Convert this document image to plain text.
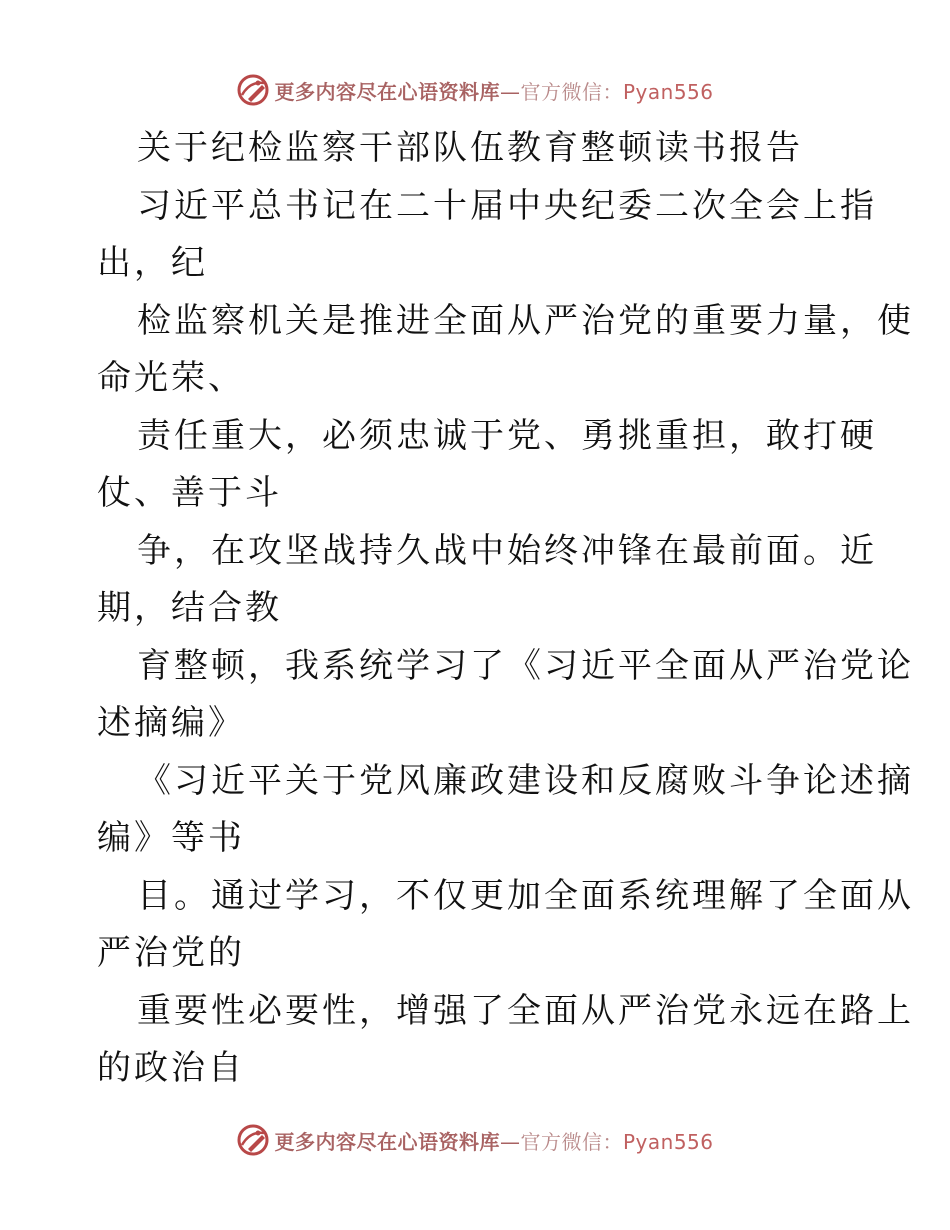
更多内容尽在心语资料库—官方微信：Pyan556
关于纪检监察干部队伍教育整顿读书报告
习近平总书记在二十届中央纪委二次全会上指
出，纪
检监察机关是推进全面从严治党的重要力量，使
命光荣、
责任重大，必须忠诚于党、勇挑重担，敢打硬
仗、善于斗
争，在攻坚战持久战中始终冲锋在最前面。近
期，结合教
育整顿，我系统学习了《习近平全面从严治党论
述摘编》
《习近平关于党风廉政建设和反腐败斗争论述摘
编》等书
目。通过学习，不仅更加全面系统理解了全面从
严治党的
重要性必要性，增强了全面从严治党永远在路上
的政治自
更多内容尽在心语资料库—官方微信：Pyan556
